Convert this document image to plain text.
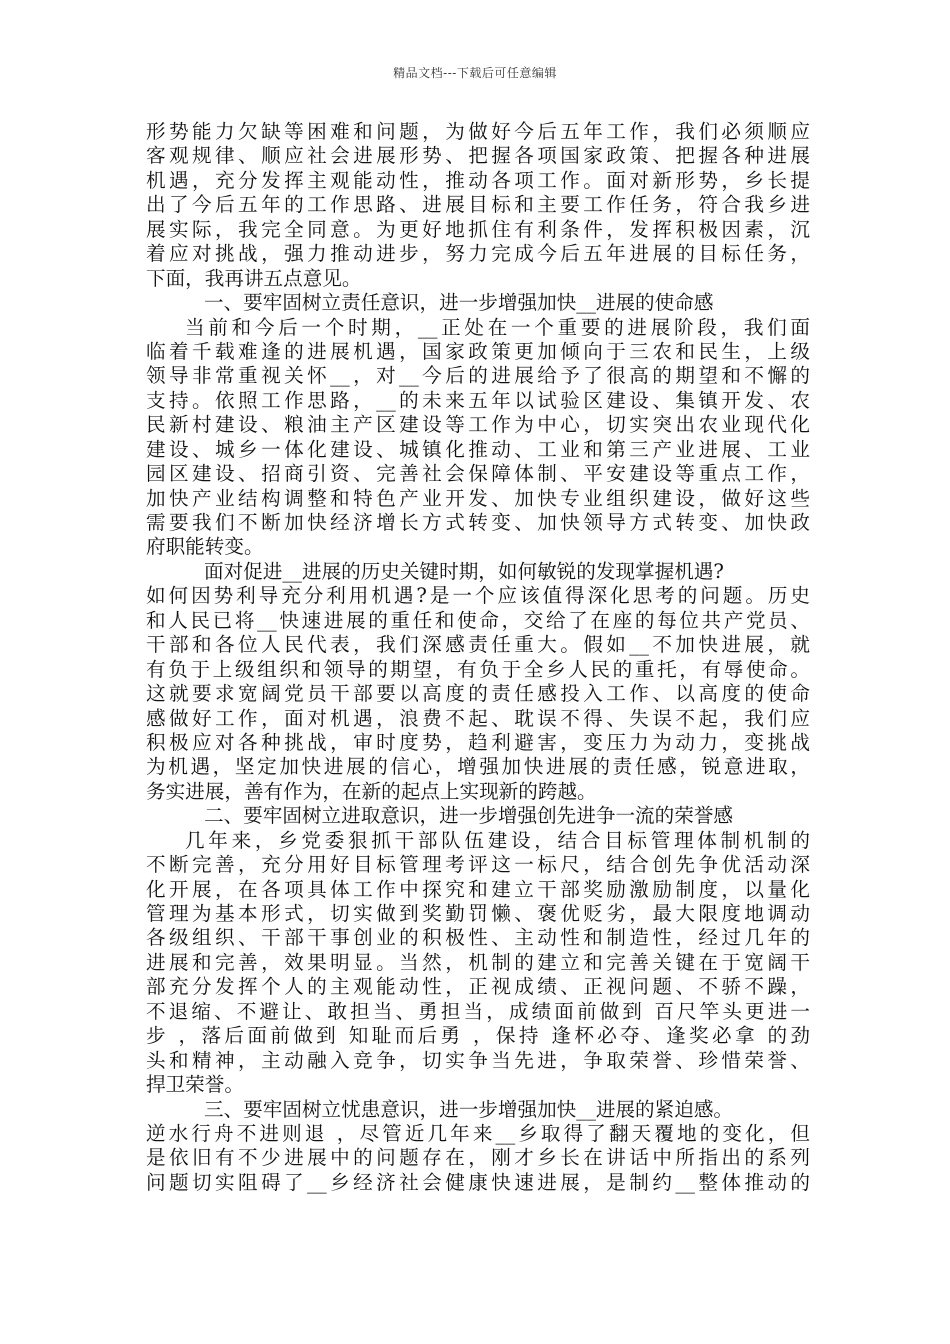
精品文档---下载后可任意编辑
形势能力欠缺等困难和问题，为做好今后五年工作，我们必须顺应
客观规律、顺应社会进展形势、把握各项国家政策、把握各种进展
机遇，充分发挥主观能动性，推动各项工作。面对新形势，乡长提
出了今后五年的工作思路、进展目标和主要工作任务，符合我乡进
展实际，我完全同意。为更好地抓住有利条件，发挥积极因素，沉
着应对挑战，强力推动进步，努力完成今后五年进展的目标任务，
下面，我再讲五点意见。
一、要牢固树立责任意识，进一步增强加快__进展的使命感
当前和今后一个时期，__正处在一个重要的进展阶段，我们面
临着千载难逢的进展机遇，国家政策更加倾向于三农和民生，上级
领导非常重视关怀__，对__今后的进展给予了很高的期望和不懈的
支持。依照工作思路，__的未来五年以试验区建设、集镇开发、农
民新村建设、粮油主产区建设等工作为中心，切实突出农业现代化
建设、城乡一体化建设、城镇化推动、工业和第三产业进展、工业
园区建设、招商引资、完善社会保障体制、平安建设等重点工作，
加快产业结构调整和特色产业开发、加快专业组织建设，做好这些
需要我们不断加快经济增长方式转变、加快领导方式转变、加快政
府职能转变。
面对促进__进展的历史关键时期，如何敏锐的发现掌握机遇?
如何因势利导充分利用机遇?是一个应该值得深化思考的问题。历史
和人民已将__快速进展的重任和使命，交给了在座的每位共产党员、
干部和各位人民代表，我们深感责任重大。假如__不加快进展，就
有负于上级组织和领导的期望，有负于全乡人民的重托，有辱使命。
这就要求宽阔党员干部要以高度的责任感投入工作、以高度的使命
感做好工作，面对机遇，浪费不起、耽误不得、失误不起，我们应
积极应对各种挑战，审时度势，趋利避害，变压力为动力，变挑战
为机遇，坚定加快进展的信心，增强加快进展的责任感，锐意进取，
务实进展，善有作为，在新的起点上实现新的跨越。
二、要牢固树立进取意识，进一步增强创先进争一流的荣誉感
几年来，乡党委狠抓干部队伍建设，结合目标管理体制机制的
不断完善，充分用好目标管理考评这一标尺，结合创先争优活动深
化开展，在各项具体工作中探究和建立干部奖励激励制度，以量化
管理为基本形式，切实做到奖勤罚懒、褒优贬劣，最大限度地调动
各级组织、干部干事创业的积极性、主动性和制造性，经过几年的
进展和完善，效果明显。当然，机制的建立和完善关键在于宽阔干
部充分发挥个人的主观能动性，正视成绩、正视问题、不骄不躁，
不退缩、不避让、敢担当、勇担当，成绩面前做到 百尺竿头更进一
步 ，落后面前做到 知耻而后勇 ，保持 逢杯必夺、逢奖必拿 的劲
头和精神，主动融入竞争，切实争当先进，争取荣誉、珍惜荣誉、
捍卫荣誉。
三、要牢固树立忧患意识，进一步增强加快__进展的紧迫感。
逆水行舟不进则退 ，尽管近几年来__乡取得了翻天覆地的变化，但
是依旧有不少进展中的问题存在，刚才乡长在讲话中所指出的系列
问题切实阻碍了__乡经济社会健康快速进展，是制约__整体推动的
